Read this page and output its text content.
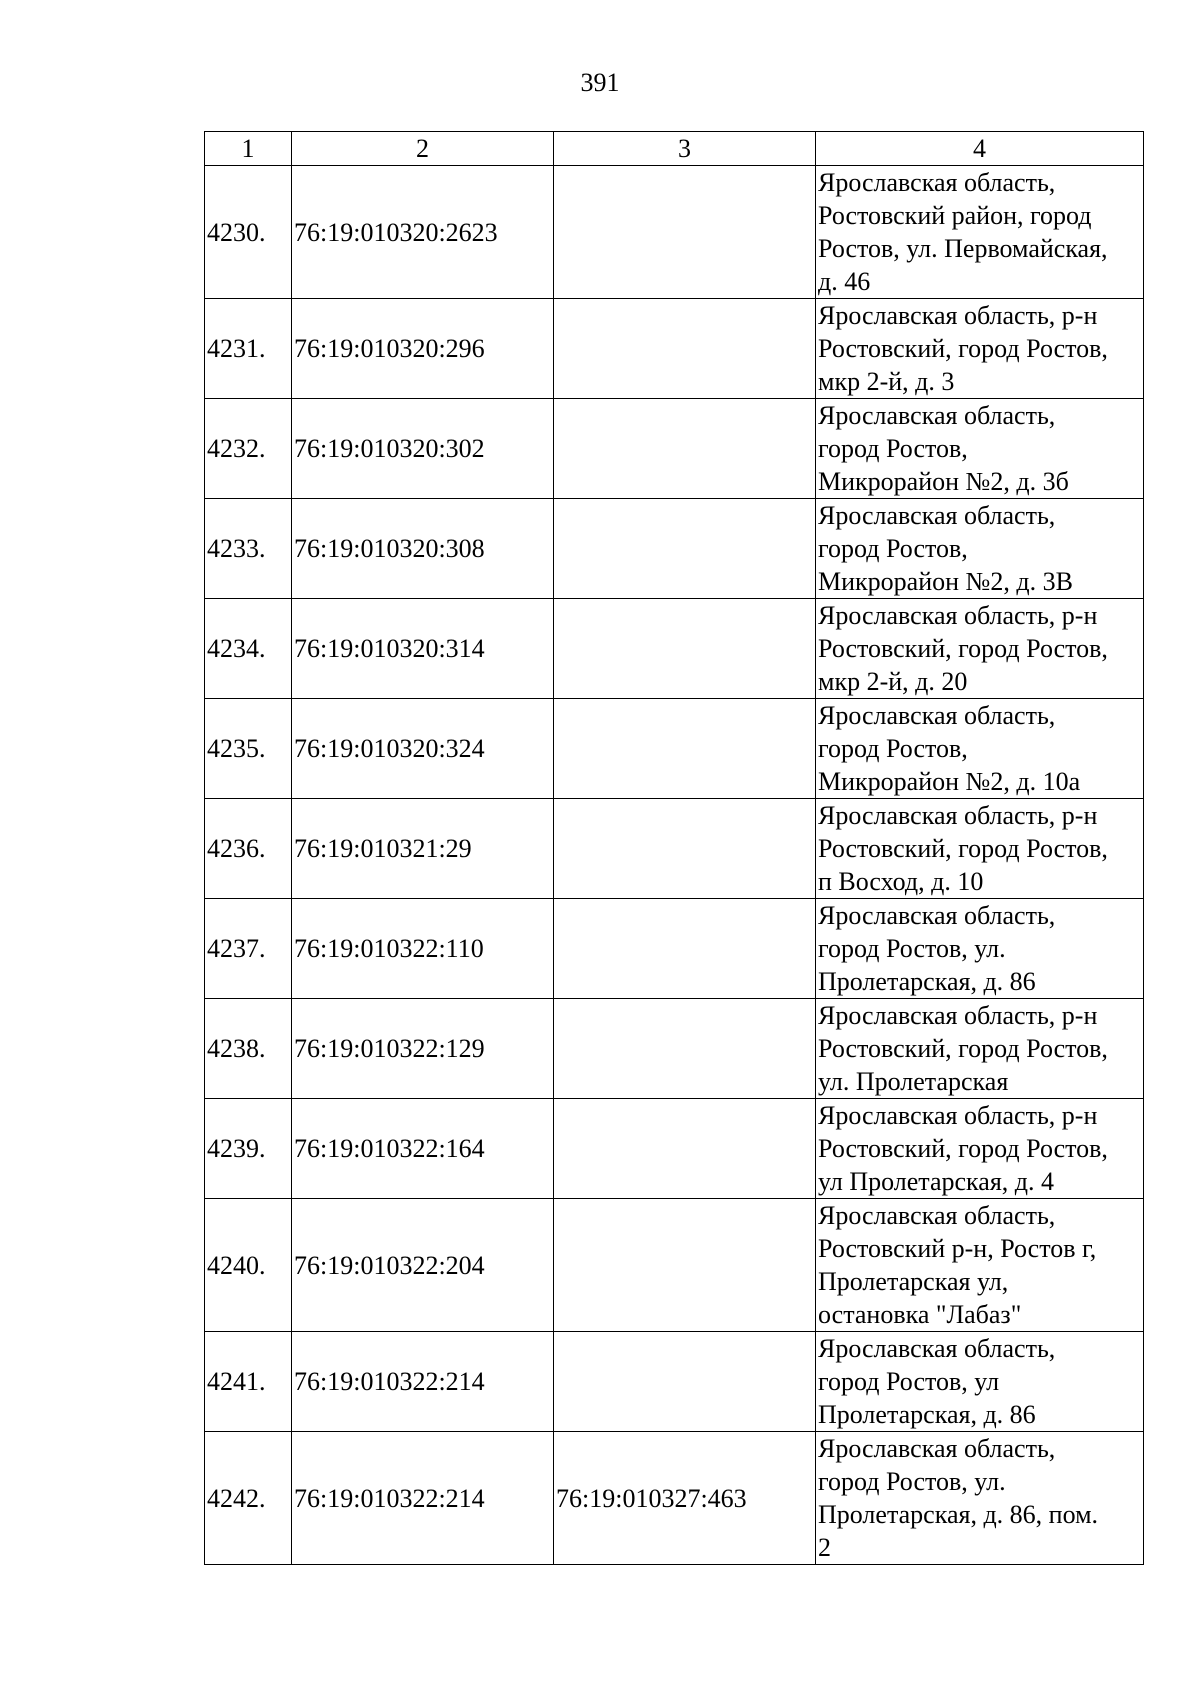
391
1	2	3	4
4230.	76:19:010320:2623		Ярославская область,
Ростовский район, город
Ростов, ул. Первомайская,
д. 46

4231.	76:19:010320:296		Ярославская область, р-н
Ростовский, город Ростов,
мкр 2-й, д. 3

4232.	76:19:010320:302		Ярославская область,
город Ростов,
Микрорайон №2, д. 3б

4233.	76:19:010320:308		Ярославская область,
город Ростов,
Микрорайон №2, д. 3В

4234.	76:19:010320:314		Ярославская область, р-н
Ростовский, город Ростов,
мкр 2-й, д. 20

4235.	76:19:010320:324		Ярославская область,
город Ростов,
Микрорайон №2, д. 10а

4236.	76:19:010321:29		Ярославская область, р-н
Ростовский, город Ростов,
п Восход, д. 10

4237.	76:19:010322:110		Ярославская область,
город Ростов, ул.
Пролетарская, д. 86

4238.	76:19:010322:129		Ярославская область, р-н
Ростовский, город Ростов,
ул. Пролетарская

4239.	76:19:010322:164		Ярославская область, р-н
Ростовский, город Ростов,
ул Пролетарская, д. 4

4240.	76:19:010322:204		Ярославская область,
Ростовский р-н, Ростов г,
Пролетарская ул,
остановка "Лабаз"

4241.	76:19:010322:214		Ярославская область,
город Ростов, ул
Пролетарская, д. 86

4242.	76:19:010322:214	76:19:010327:463	Ярославская область,
город Ростов, ул.
Пролетарская, д. 86, пом.
2
